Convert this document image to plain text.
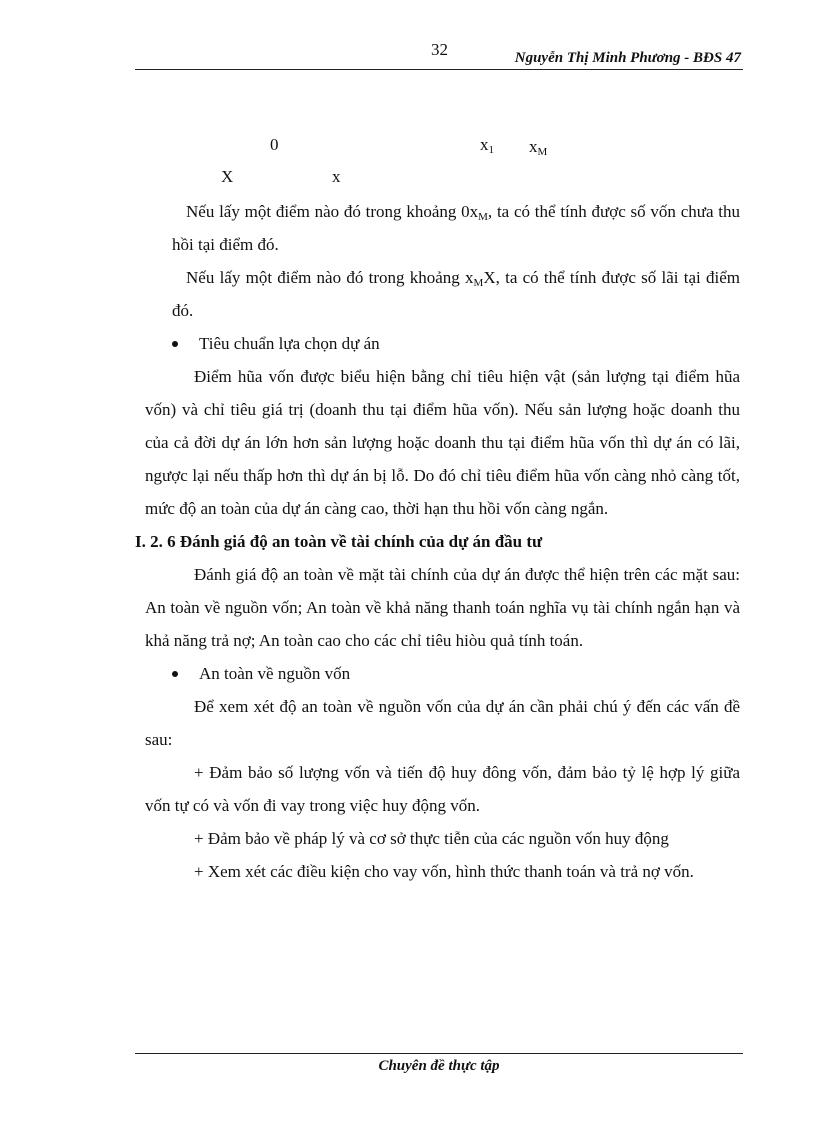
32	Nguyễn Thị Minh Phương - BĐS 47
0	$x_1$ $x_M$
X	x

Nếu lấy một điểm nào đó trong khoảng $0x_M$, ta có thể tính được số vốn chưa thu hồi tại điểm đó.

Nếu lấy một điểm nào đó trong khoảng $x_MX$, ta có thể tính được số lãi tại điểm đó.

Tiêu chuẩn lựa chọn dự án

Điểm hũa vốn được biểu hiện bằng chỉ tiêu hiện vật (sản lượng tại điểm hũa vốn) và chỉ tiêu giá trị (doanh thu tại điểm hũa vốn). Nếu sản lượng hoặc doanh thu của cả đời dự án lớn hơn sản lượng hoặc doanh thu tại điểm hũa vốn thì dự án có lãi, ngược lại nếu thấp hơn thì dự án bị lỗ. Do đó chỉ tiêu điểm hũa vốn càng nhỏ càng tốt, mức độ an toàn của dự án càng cao, thời hạn thu hồi vốn càng ngắn.

I. 2. 6 Đánh giá độ an toàn về tài chính của dự án đầu tư

Đánh giá độ an toàn về mặt tài chính của dự án được thể hiện trên các mặt sau: An toàn về nguồn vốn; An toàn về khả năng thanh toán nghĩa vụ tài chính ngắn hạn và khả năng trả nợ; An toàn cao cho các chỉ tiêu hiòu quả tính toán.

An toàn về nguồn vốn

Để xem xét độ an toàn về nguồn vốn của dự án cần phải chú ý đến các vấn đề sau:

+ Đảm bảo số lượng vốn và tiến độ huy đông vốn, đảm bảo tỷ lệ hợp lý giữa vốn tự có và vốn đi vay trong việc huy động vốn.

+ Đảm bảo về pháp lý và cơ sở thực tiễn của các nguồn vốn huy động

+ Xem xét các điều kiện cho vay vốn, hình thức thanh toán và trả nợ vốn.

Chuyên đề thực tập
